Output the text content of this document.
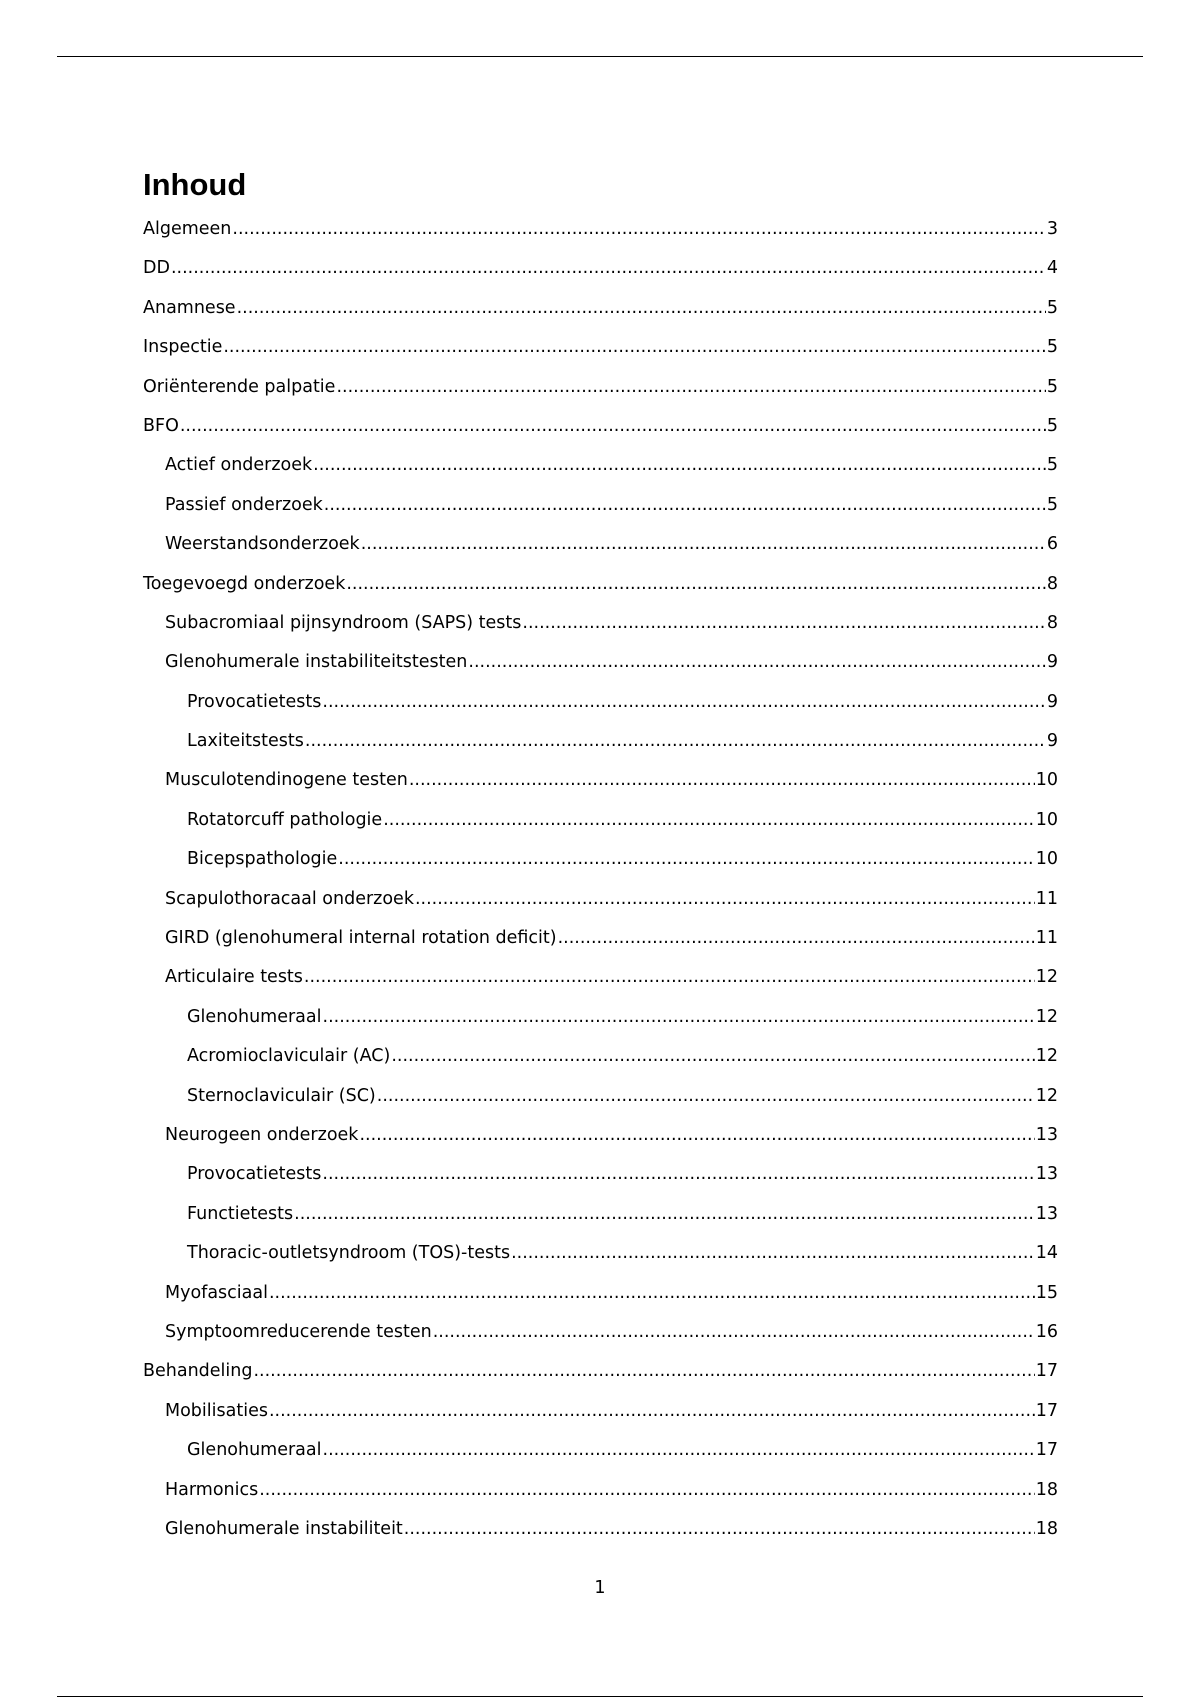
Inhoud
Algemeen .....	3
DD .....	4
Anamnese .....	5
Inspectie .....	5
Oriënterende palpatie .....	5
BFO .....	5
Actief onderzoek .....	5
Passief onderzoek .....	5
Weerstandsonderzoek .....	6
Toegevoegd onderzoek .....	8
Subacromiaal pijnsyndroom (SAPS) tests .....	8
Glenohumerale instabiliteitstesten .....	9
Provocatietests .....	9
Laxiteitstests .....	9
Musculotendinogene testen .....	10
Rotatorcuff pathologie .....	10
Bicepspathologie .....	10
Scapulothoracaal onderzoek .....	11
GIRD (glenohumeral internal rotation deficit) .....	11
Articulaire tests .....	12
Glenohumeraal .....	12
Acromioclaviculair (AC) .....	12
Sternoclaviculair (SC) .....	12
Neurogeen onderzoek .....	13
Provocatietests .....	13
Functietests .....	13
Thoracic-outletsyndroom (TOS)-tests .....	14
Myofasciaal .....	15
Symptoomreducerende testen .....	16
Behandeling .....	17
Mobilisaties .....	17
Glenohumeraal .....	17
Harmonics .....	18
Glenohumerale instabiliteit .....	18
1
